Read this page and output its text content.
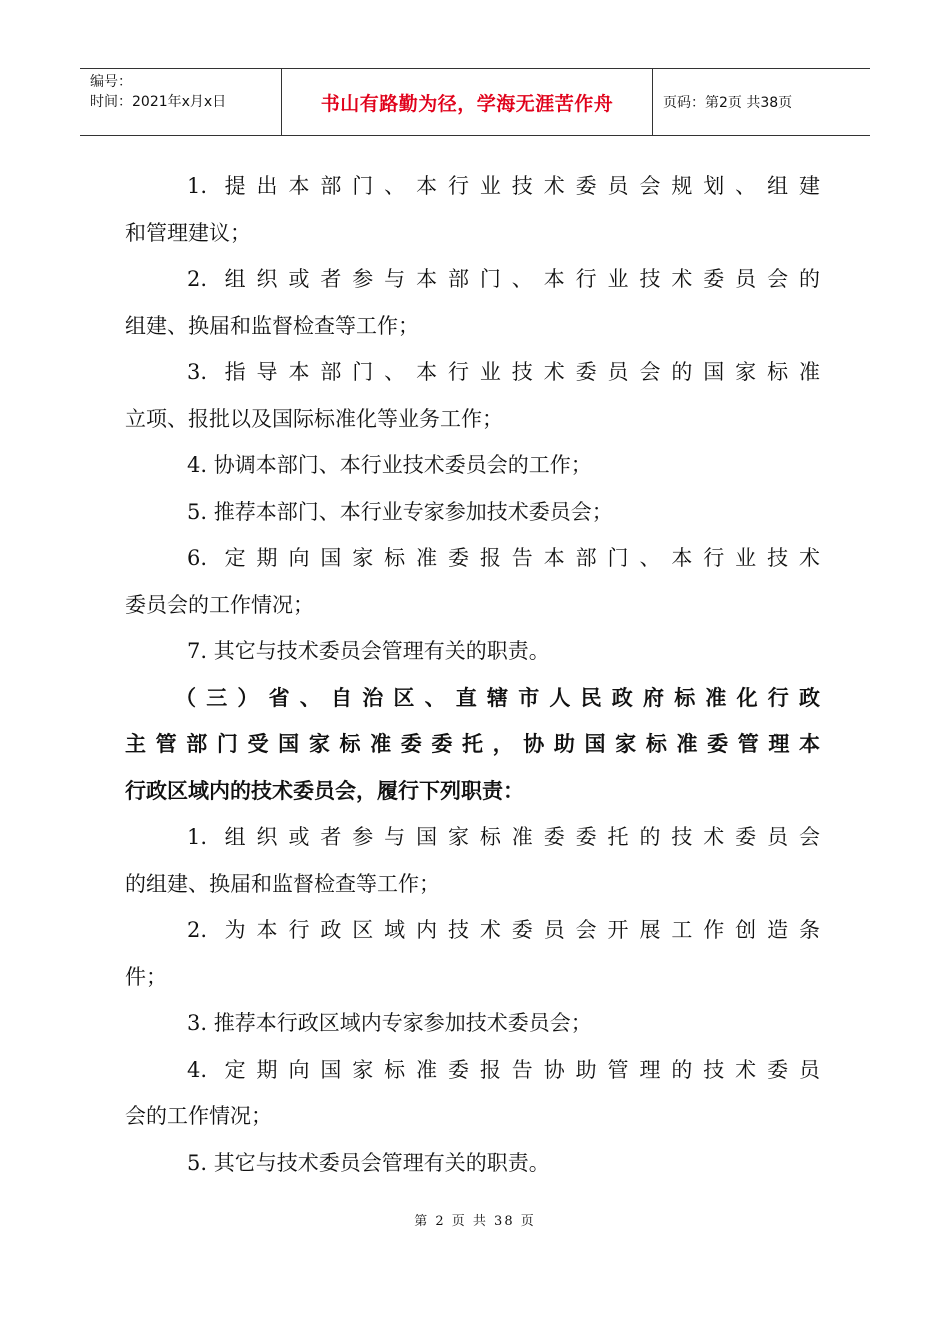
编号：
时间：2021年x月x日	书山有路勤为径，学海无涯苦作舟	页码：第2页 共38页
1. 提出本部门、本行业技术委员会规划、组建
和管理建议；
2. 组织或者参与本部门、本行业技术委员会的
组建、换届和监督检查等工作；
3. 指导本部门、本行业技术委员会的国家标准
立项、报批以及国际标准化等业务工作；
4. 协调本部门、本行业技术委员会的工作；
5. 推荐本部门、本行业专家参加技术委员会；
6. 定期向国家标准委报告本部门、本行业技术
委员会的工作情况；
7. 其它与技术委员会管理有关的职责。
（三）省、自治区、直辖市人民政府标准化行政
主管部门受国家标准委委托，协助国家标准委管理本
行政区域内的技术委员会，履行下列职责：
1. 组织或者参与国家标准委委托的技术委员会
的组建、换届和监督检查等工作；
2. 为本行政区域内技术委员会开展工作创造条
件；
3. 推荐本行政区域内专家参加技术委员会；
4. 定期向国家标准委报告协助管理的技术委员
会的工作情况；
5. 其它与技术委员会管理有关的职责。
第 2 页 共 38 页
